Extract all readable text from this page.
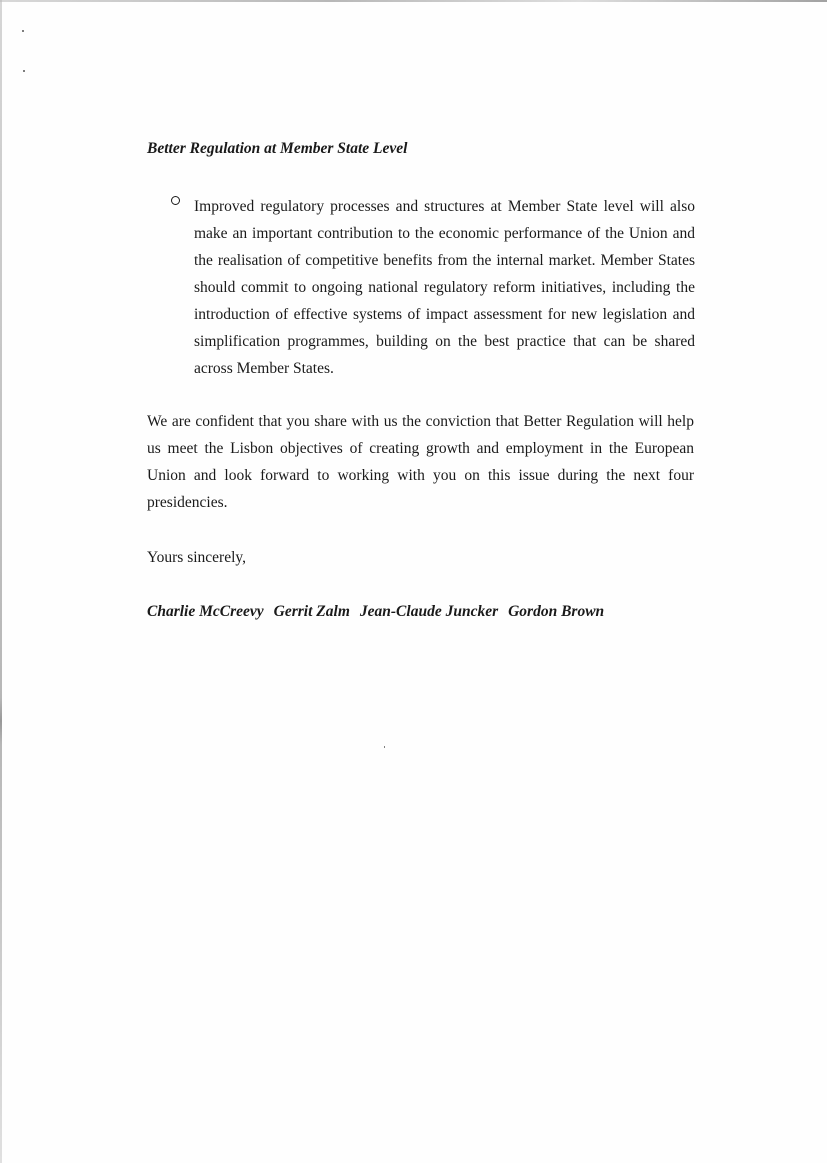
Better Regulation at Member State Level

Improved regulatory processes and structures at Member State level will also make an important contribution to the economic performance of the Union and the realisation of competitive benefits from the internal market. Member States should commit to ongoing national regulatory reform initiatives, including the introduction of effective systems of impact assessment for new legislation and simplification programmes, building on the best practice that can be shared across Member States.

We are confident that you share with us the conviction that Better Regulation will help us meet the Lisbon objectives of creating growth and employment in the European Union and look forward to working with you on this issue during the next four presidencies.

Yours sincerely,

Charlie McCreevy Gerrit Zalm Jean-Claude Juncker Gordon Brown
